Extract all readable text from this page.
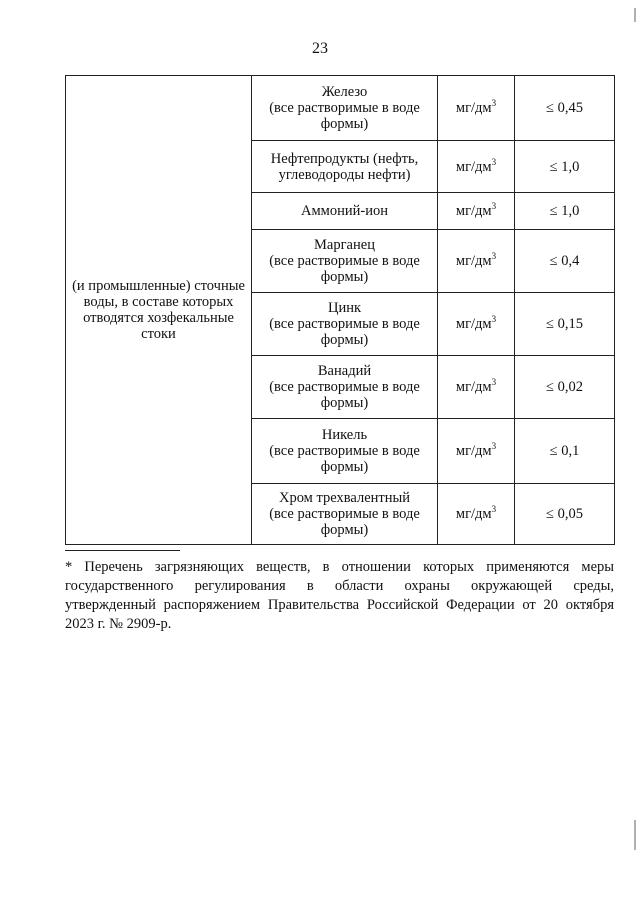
23
(и промышленные) сточные
воды, в составе которых
отводятся хозфекальные
стоки	Железо
(все растворимые в воде
формы)	$мг/дм^3$	≤ 0,45

	Нефтепродукты (нефть,
углеводороды нефти)	$мг/дм^3$	≤ 1,0

	Аммоний-ион	$мг/дм^3$	≤ 1,0

	Марганец
(все растворимые в воде
формы)	$мг/дм^3$	≤ 0,4

	Цинк
(все растворимые в воде
формы)	$мг/дм^3$	≤ 0,15

	Ванадий
(все растворимые в воде
формы)	$мг/дм^3$	≤ 0,02

	Никель
(все растворимые в воде
формы)	$мг/дм^3$	≤ 0,1

	Хром трехвалентный
(все растворимые в воде
формы)	$мг/дм^3$	≤ 0,05
* Перечень загрязняющих веществ, в отношении которых применяются меры
государственного регулирования в области охраны окружающей среды,
утвержденный распоряжением Правительства Российской Федерации от 20 октября
2023 г. № 2909-р.
